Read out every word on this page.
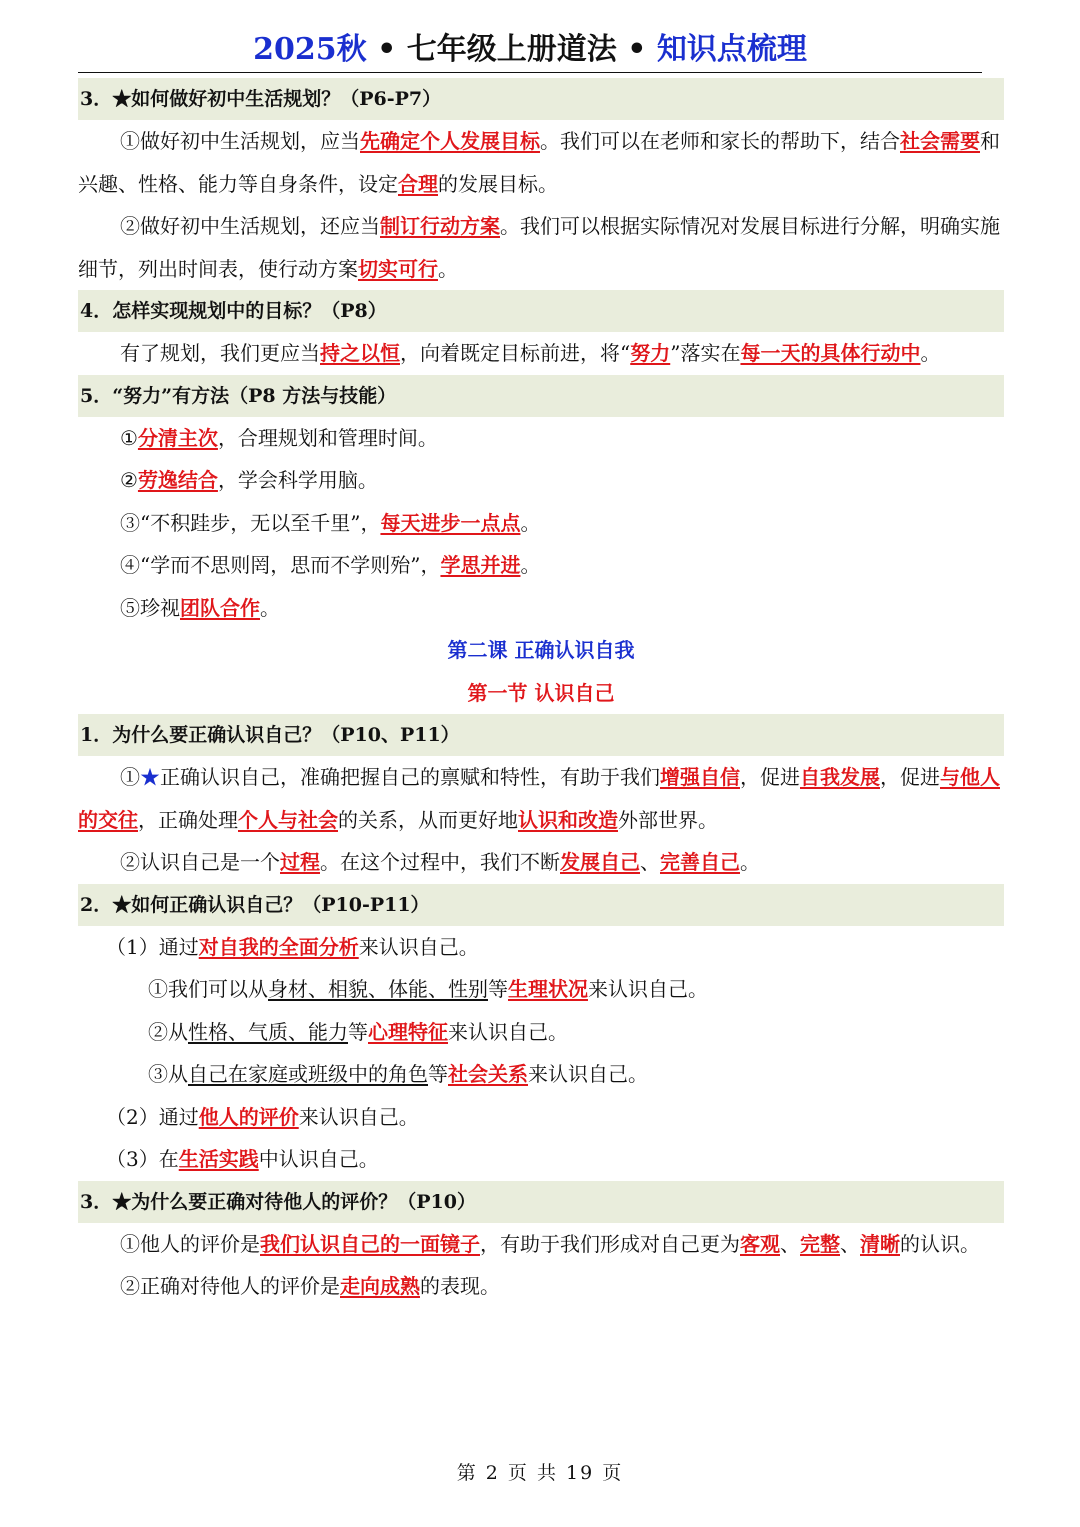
2025秋 • 七年级上册道法 • 知识点梳理
3．★如何做好初中生活规划？（P6-P7）

①做好初中生活规划，应当先确定个人发展目标。我们可以在老师和家长的帮助下，结合社会需要和兴趣、性格、能力等自身条件，设定合理的发展目标。

②做好初中生活规划，还应当制订行动方案。我们可以根据实际情况对发展目标进行分解，明确实施细节，列出时间表，使行动方案切实可行。

4．怎样实现规划中的目标？（P8）

有了规划，我们更应当持之以恒，向着既定目标前进，将“努力”落实在每一天的具体行动中。

5．“努力”有方法（P8 方法与技能）

①分清主次，合理规划和管理时间。

②劳逸结合，学会科学用脑。

③“不积跬步，无以至千里”，每天进步一点点。

④“学而不思则罔，思而不学则殆”，学思并进。

⑤珍视团队合作。

第二课 正确认识自我

第一节 认识自己

1．为什么要正确认识自己？（P10、P11）

①★正确认识自己，准确把握自己的禀赋和特性，有助于我们增强自信，促进自我发展，促进与他人的交往，正确处理个人与社会的关系，从而更好地认识和改造外部世界。

②认识自己是一个过程。在这个过程中，我们不断发展自己、完善自己。

2．★如何正确认识自己？（P10-P11）

（1）通过对自我的全面分析来认识自己。

①我们可以从身材、相貌、体能、性别等生理状况来认识自己。

②从性格、气质、能力等心理特征来认识自己。

③从自己在家庭或班级中的角色等社会关系来认识自己。

（2）通过他人的评价来认识自己。

（3）在生活实践中认识自己。

3．★为什么要正确对待他人的评价？（P10）

①他人的评价是我们认识自己的一面镜子，有助于我们形成对自己更为客观、完整、清晰的认识。

②正确对待他人的评价是走向成熟的表现。

第 2 页 共 19 页
